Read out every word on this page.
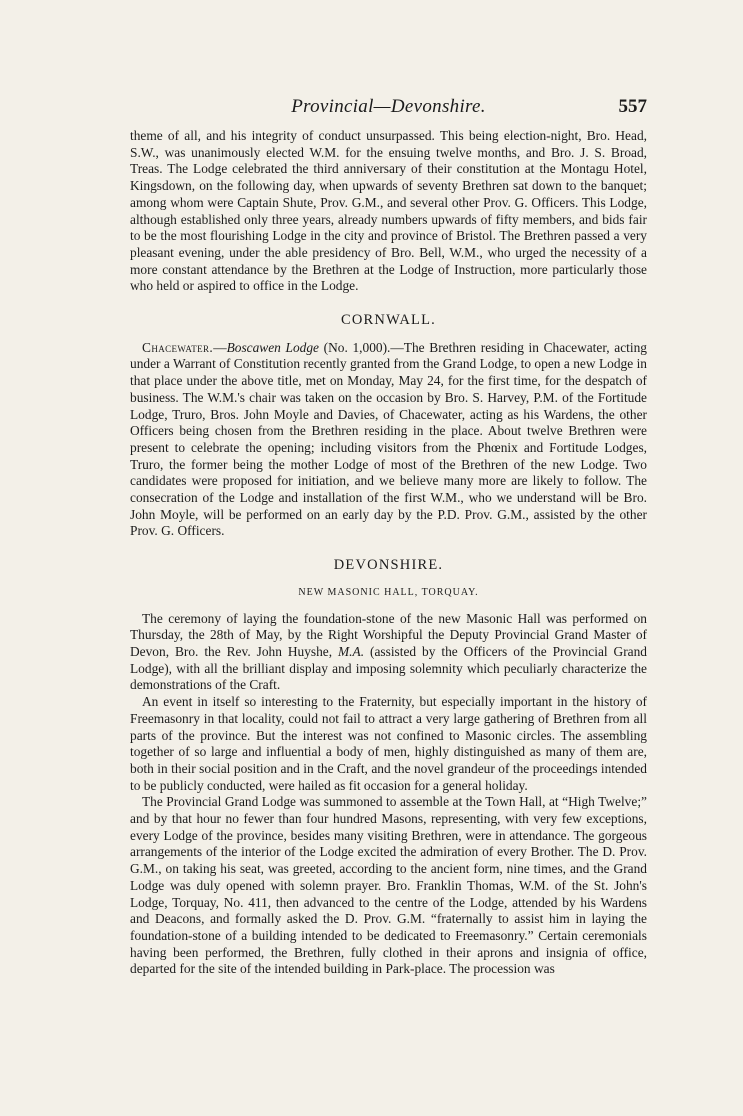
Provincial—Devonshire.	557

theme of all, and his integrity of conduct unsurpassed. This being election-night, Bro. Head, S.W., was unanimously elected W.M. for the ensuing twelve months, and Bro. J. S. Broad, Treas. The Lodge celebrated the third anniversary of their constitution at the Montagu Hotel, Kingsdown, on the following day, when upwards of seventy Brethren sat down to the banquet; among whom were Captain Shute, Prov. G.M., and several other Prov. G. Officers. This Lodge, although established only three years, already numbers upwards of fifty members, and bids fair to be the most flourishing Lodge in the city and province of Bristol. The Brethren passed a very pleasant evening, under the able presidency of Bro. Bell, W.M., who urged the necessity of a more constant attendance by the Brethren at the Lodge of Instruction, more particularly those who held or aspired to office in the Lodge.

CORNWALL.

Chacewater.—Boscawen Lodge (No. 1,000).—The Brethren residing in Chacewater, acting under a Warrant of Constitution recently granted from the Grand Lodge, to open a new Lodge in that place under the above title, met on Monday, May 24, for the first time, for the despatch of business. The W.M.'s chair was taken on the occasion by Bro. S. Harvey, P.M. of the Fortitude Lodge, Truro, Bros. John Moyle and Davies, of Chacewater, acting as his Wardens, the other Officers being chosen from the Brethren residing in the place. About twelve Brethren were present to celebrate the opening; including visitors from the Phœnix and Fortitude Lodges, Truro, the former being the mother Lodge of most of the Brethren of the new Lodge. Two candidates were proposed for initiation, and we believe many more are likely to follow. The consecration of the Lodge and installation of the first W.M., who we understand will be Bro. John Moyle, will be performed on an early day by the P.D. Prov. G.M., assisted by the other Prov. G. Officers.

DEVONSHIRE.
NEW MASONIC HALL, TORQUAY.

The ceremony of laying the foundation-stone of the new Masonic Hall was performed on Thursday, the 28th of May, by the Right Worshipful the Deputy Provincial Grand Master of Devon, Bro. the Rev. John Huyshe, M.A. (assisted by the Officers of the Provincial Grand Lodge), with all the brilliant display and imposing solemnity which peculiarly characterize the demonstrations of the Craft.

An event in itself so interesting to the Fraternity, but especially important in the history of Freemasonry in that locality, could not fail to attract a very large gathering of Brethren from all parts of the province. But the interest was not confined to Masonic circles. The assembling together of so large and influential a body of men, highly distinguished as many of them are, both in their social position and in the Craft, and the novel grandeur of the proceedings intended to be publicly conducted, were hailed as fit occasion for a general holiday.

The Provincial Grand Lodge was summoned to assemble at the Town Hall, at “High Twelve;” and by that hour no fewer than four hundred Masons, representing, with very few exceptions, every Lodge of the province, besides many visiting Brethren, were in attendance. The gorgeous arrangements of the interior of the Lodge excited the admiration of every Brother. The D. Prov. G.M., on taking his seat, was greeted, according to the ancient form, nine times, and the Grand Lodge was duly opened with solemn prayer. Bro. Franklin Thomas, W.M. of the St. John's Lodge, Torquay, No. 411, then advanced to the centre of the Lodge, attended by his Wardens and Deacons, and formally asked the D. Prov. G.M. “fraternally to assist him in laying the foundation-stone of a building intended to be dedicated to Freemasonry.” Certain ceremonials having been performed, the Brethren, fully clothed in their aprons and insignia of office, departed for the site of the intended building in Park-place. The procession was
